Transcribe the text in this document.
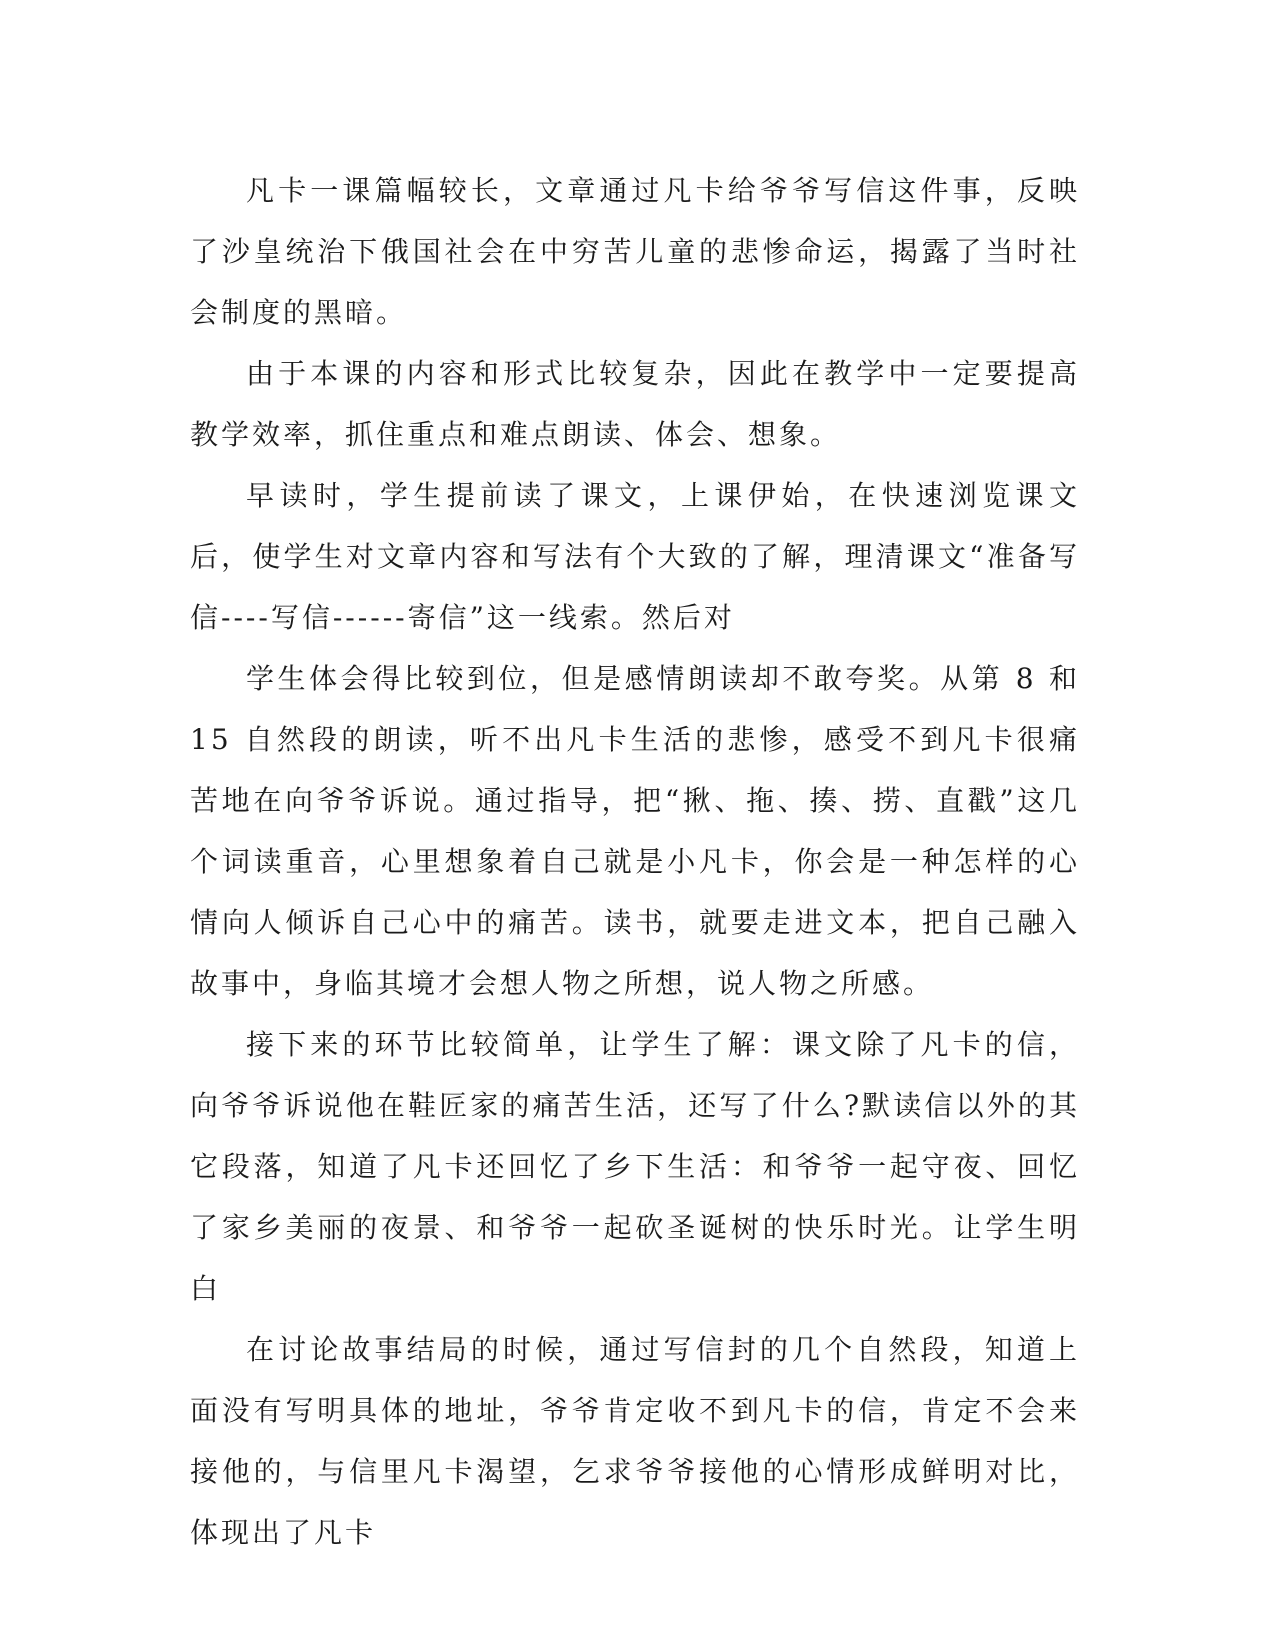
凡卡一课篇幅较长，文章通过凡卡给爷爷写信这件事，反映了沙皇统治下俄国社会在中穷苦儿童的悲惨命运，揭露了当时社会制度的黑暗。

由于本课的内容和形式比较复杂，因此在教学中一定要提高教学效率，抓住重点和难点朗读、体会、想象。

早读时，学生提前读了课文，上课伊始，在快速浏览课文后，使学生对文章内容和写法有个大致的了解，理清课文“准备写信----写信------寄信”这一线索。然后对

学生体会得比较到位，但是感情朗读却不敢夸奖。从第 8 和 15 自然段的朗读，听不出凡卡生活的悲惨，感受不到凡卡很痛苦地在向爷爷诉说。通过指导，把“揪、拖、揍、捞、直戳”这几个词读重音，心里想象着自己就是小凡卡，你会是一种怎样的心情向人倾诉自己心中的痛苦。读书，就要走进文本，把自己融入故事中，身临其境才会想人物之所想，说人物之所感。

接下来的环节比较简单，让学生了解：课文除了凡卡的信，向爷爷诉说他在鞋匠家的痛苦生活，还写了什么?默读信以外的其它段落，知道了凡卡还回忆了乡下生活：和爷爷一起守夜、回忆了家乡美丽的夜景、和爷爷一起砍圣诞树的快乐时光。让学生明白

在讨论故事结局的时候，通过写信封的几个自然段，知道上面没有写明具体的地址，爷爷肯定收不到凡卡的信，肯定不会来接他的，与信里凡卡渴望，乞求爷爷接他的心情形成鲜明对比，体现出了凡卡
